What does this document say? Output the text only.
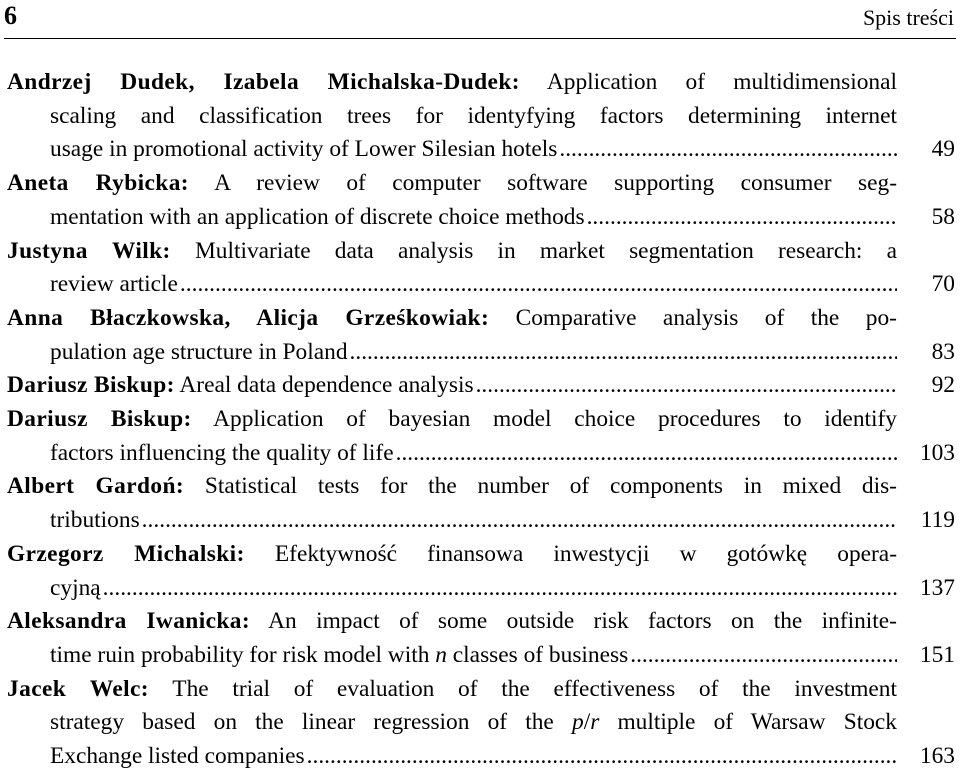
6	Spis treści
Andrzej Dudek, Izabela Michalska-Dudek: Application of multidimensional
scaling and classification trees for identyfying factors determining internet
usage in promotional activity of Lower Silesian hotels .....	49
Aneta Rybicka: A review of computer software supporting consumer seg-
mentation with an application of discrete choice methods .....	58
Justyna Wilk: Multivariate data analysis in market segmentation research: a
review article .....	70
Anna Błaczkowska, Alicja Grześkowiak: Comparative analysis of the po-
pulation age structure in Poland .....	83
Dariusz Biskup: Areal data dependence analysis .....	92
Dariusz Biskup: Application of bayesian model choice procedures to identify
factors influencing the quality of life .....	103
Albert Gardoń: Statistical tests for the number of components in mixed dis-
tributions .....	119
Grzegorz Michalski: Efektywność finansowa inwestycji w gotówkę opera-
cyjną .....	137
Aleksandra Iwanicka: An impact of some outside risk factors on the infinite-
time ruin probability for risk model with n classes of business .....	151
Jacek Welc: The trial of evaluation of the effectiveness of the investment
strategy based on the linear regression of the p/r multiple of Warsaw Stock
Exchange listed companies .....	163
